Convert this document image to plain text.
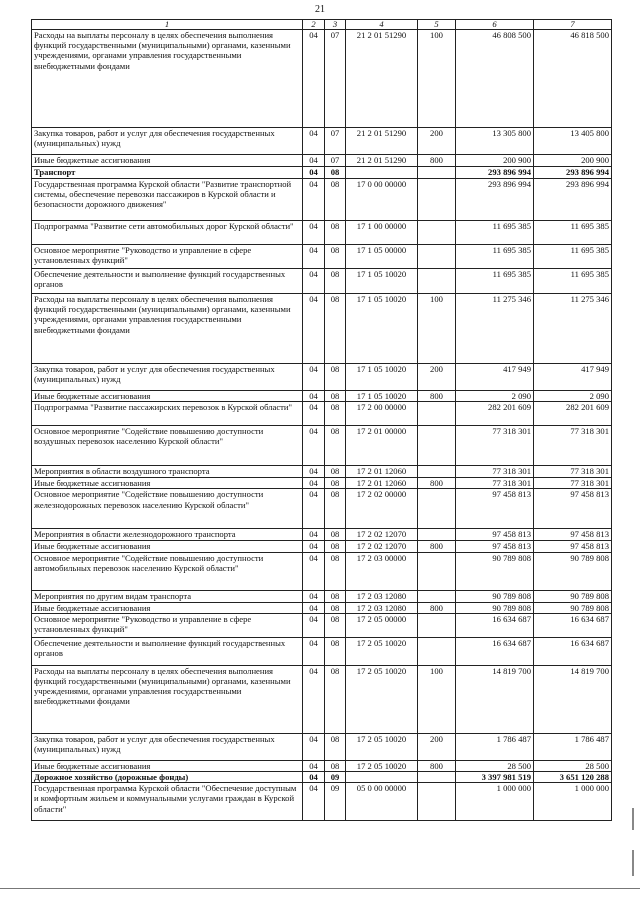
21
1	2	3	4	5	6	7
Расходы на выплаты персоналу в целях обеспечения выполнения функций государственными (муниципальными) органами, казенными учреждениями, органами управления государственными внебюджетными фондами	04	07	21 2 01 51290	100	46 808 500	46 818 500
Закупка товаров, работ и услуг для обеспечения государственных (муниципальных) нужд	04	07	21 2 01 51290	200	13 305 800	13 405 800
Иные бюджетные ассигнования	04	07	21 2 01 51290	800	200 900	200 900
Транспорт	04	08			293 896 994	293 896 994
Государственная программа Курской области "Развитие транспортной системы, обеспечение перевозки пассажиров в Курской области и безопасности дорожного движения"	04	08	17 0 00 00000		293 896 994	293 896 994
Подпрограмма "Развитие сети автомобильных дорог Курской области"	04	08	17 1 00 00000		11 695 385	11 695 385
Основное мероприятие "Руководство и управление в сфере установленных функций"	04	08	17 1 05 00000		11 695 385	11 695 385
Обеспечение деятельности и выполнение функций государственных органов	04	08	17 1 05 10020		11 695 385	11 695 385
Расходы на выплаты персоналу в целях обеспечения выполнения функций государственными (муниципальными) органами, казенными учреждениями, органами управления государственными внебюджетными фондами	04	08	17 1 05 10020	100	11 275 346	11 275 346
Закупка товаров, работ и услуг для обеспечения государственных (муниципальных) нужд	04	08	17 1 05 10020	200	417 949	417 949
Иные бюджетные ассигнования	04	08	17 1 05 10020	800	2 090	2 090
Подпрограмма "Развитие пассажирских перевозок в Курской области"	04	08	17 2 00 00000		282 201 609	282 201 609
Основное мероприятие "Содействие повышению доступности воздушных перевозок населению Курской области"	04	08	17 2 01 00000		77 318 301	77 318 301
Мероприятия в области воздушного транспорта	04	08	17 2 01 12060		77 318 301	77 318 301
Иные бюджетные ассигнования	04	08	17 2 01 12060	800	77 318 301	77 318 301
Основное мероприятие "Содействие повышению доступности железнодорожных перевозок населению Курской области"	04	08	17 2 02 00000		97 458 813	97 458 813
Мероприятия в области железнодорожного транспорта	04	08	17 2 02 12070		97 458 813	97 458 813
Иные бюджетные ассигнования	04	08	17 2 02 12070	800	97 458 813	97 458 813
Основное мероприятие "Содействие повышению доступности автомобильных перевозок населению Курской области"	04	08	17 2 03 00000		90 789 808	90 789 808
Мероприятия по другим видам транспорта	04	08	17 2 03 12080		90 789 808	90 789 808
Иные бюджетные ассигнования	04	08	17 2 03 12080	800	90 789 808	90 789 808
Основное мероприятие "Руководство и управление в сфере установленных функций"	04	08	17 2 05 00000		16 634 687	16 634 687
Обеспечение деятельности и выполнение функций государственных органов	04	08	17 2 05 10020		16 634 687	16 634 687
Расходы на выплаты персоналу в целях обеспечения выполнения функций государственными (муниципальными) органами, казенными учреждениями, органами управления государственными внебюджетными фондами	04	08	17 2 05 10020	100	14 819 700	14 819 700
Закупка товаров, работ и услуг для обеспечения государственных (муниципальных) нужд	04	08	17 2 05 10020	200	1 786 487	1 786 487
Иные бюджетные ассигнования	04	08	17 2 05 10020	800	28 500	28 500
Дорожное хозяйство (дорожные фонды)	04	09			3 397 981 519	3 651 120 288
Государственная программа Курской области "Обеспечение доступным и комфортным жильем и коммунальными услугами граждан в Курской области"	04	09	05 0 00 00000		1 000 000	1 000 000
